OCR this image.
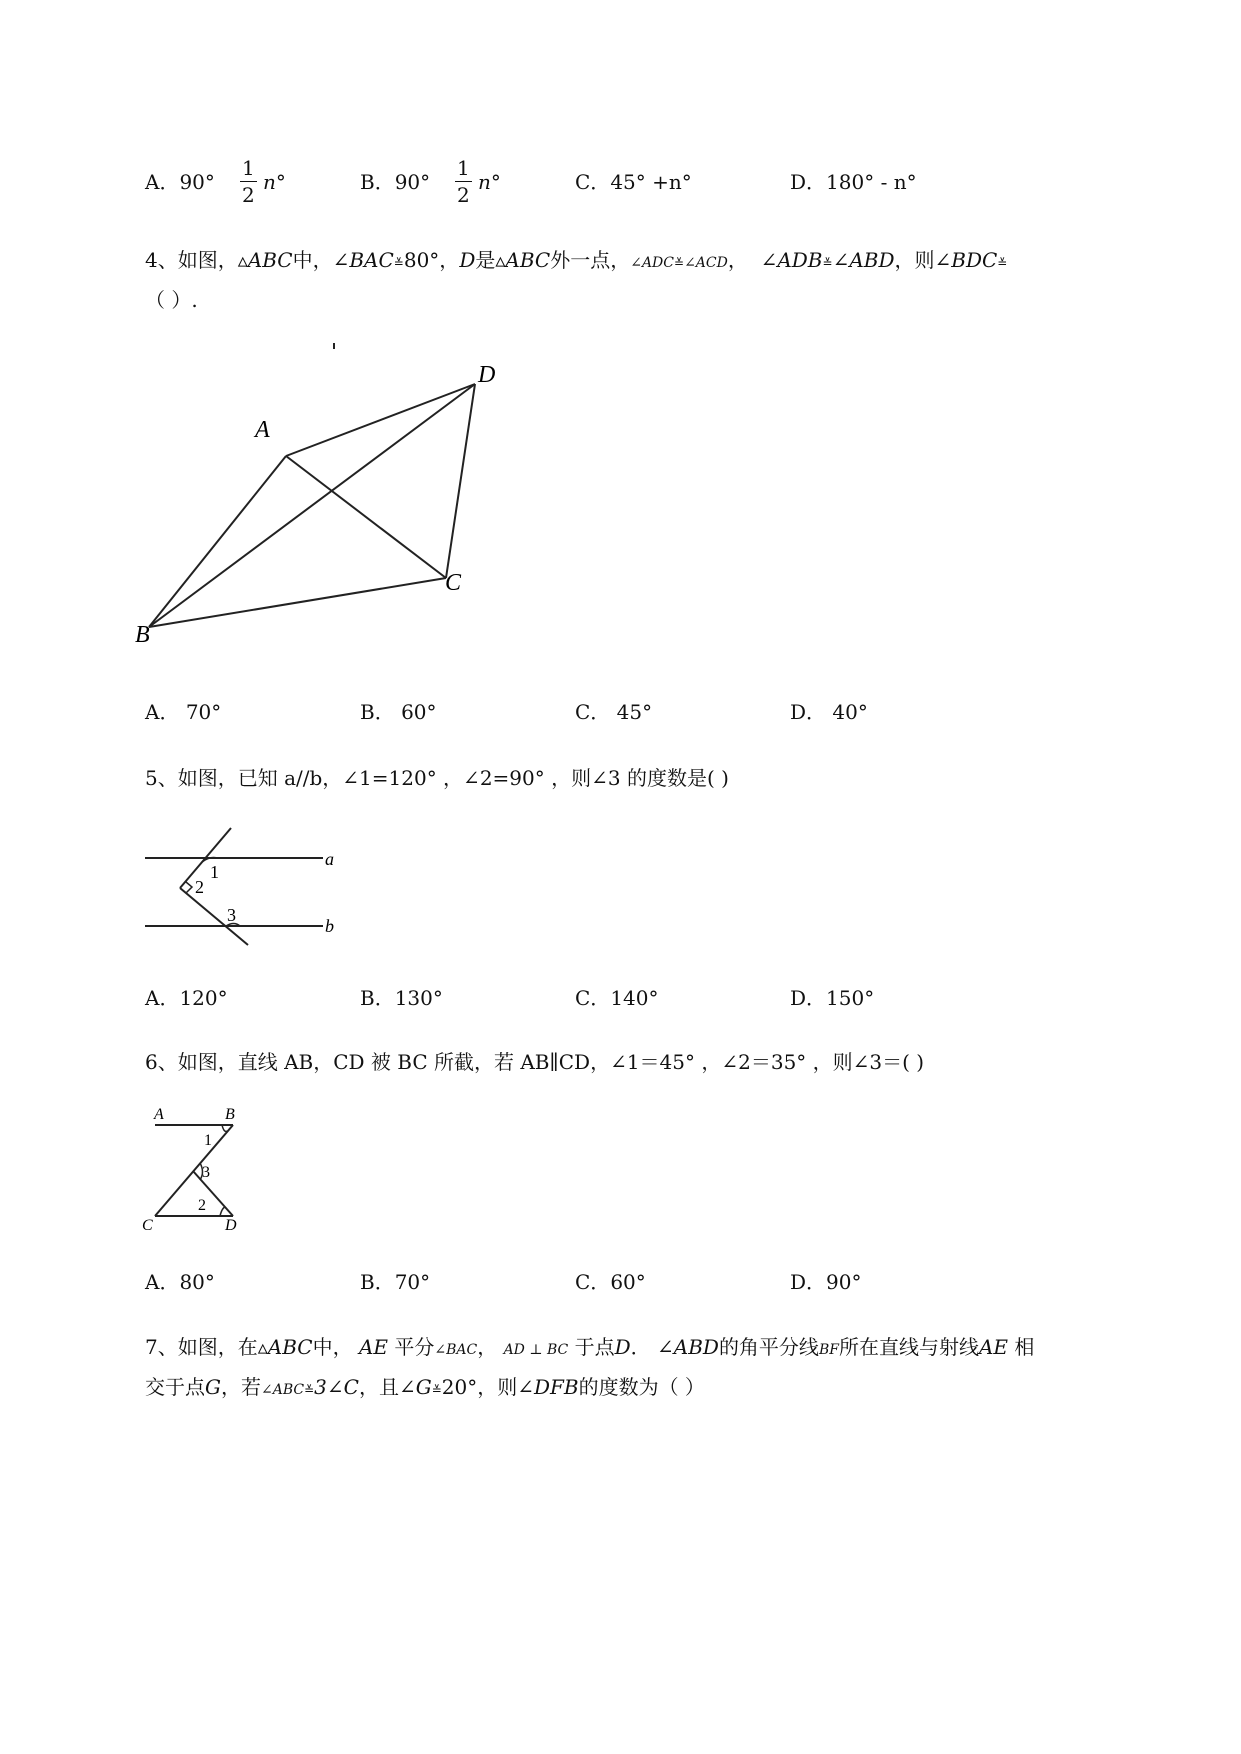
A．$90^\circ \frac{1}{2} n^\circ$	B．$90^\circ \frac{1}{2} n^\circ$	C．45° +n°	D．180° - n°
4、如图，▵ABC中，∠BAC≚80°，D是▵ABC外一点，∠ADC≚∠ACD， ∠ADB≚∠ABD，则∠BDC≚
（ ）.
A
B
C
D
A． 70°	B． 60°	C． 45°	D． 40°
5、如图，已知 a//b，∠1=120° ，∠2=90° ，则∠3 的度数是( )
a
b
1
2
3
A．120°	B．130°	C．140°	D．150°
6、如图，直线 AB，CD 被 BC 所截，若 AB∥CD，∠1＝45° ，∠2＝35° ，则∠3＝( )
A	B
C	D
1
2
3
A．80°	B．70°	C．60°	D．90°
7、如图，在▵ABC中， AE 平分∠BAC， AD ⊥ BC 于点D． ∠ABD的角平分线BF所在直线与射线AE 相
交于点G，若∠ABC≚3∠C，且∠G≚20°，则∠DFB的度数为（ ）
